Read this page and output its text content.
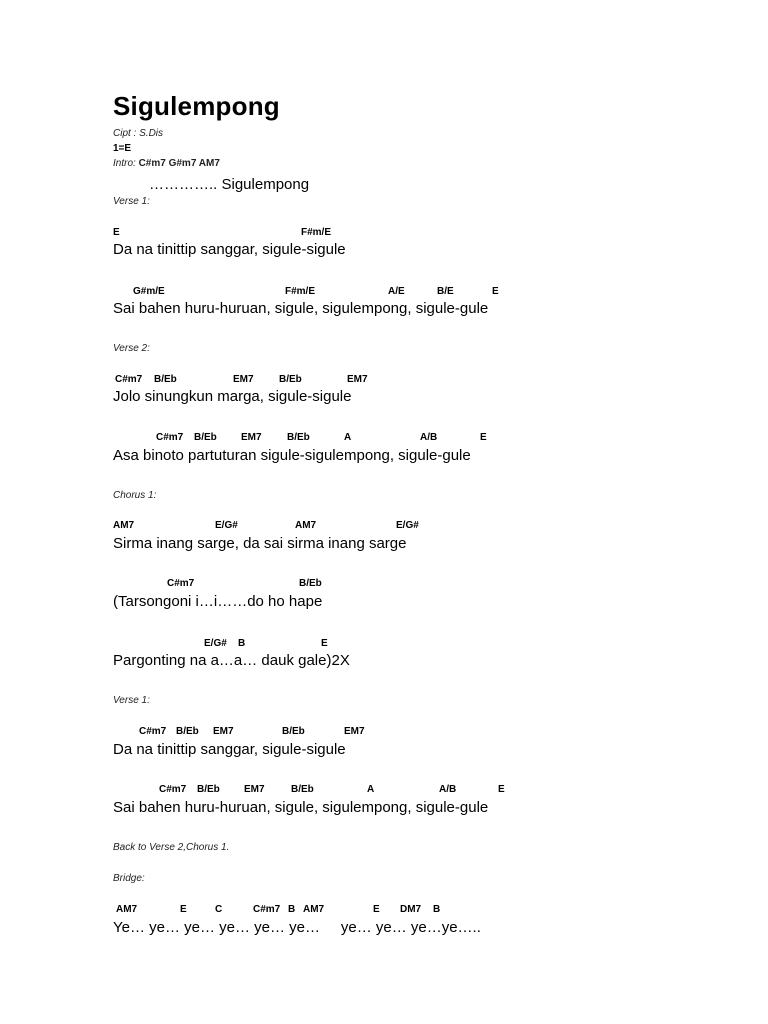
Sigulempong
Cipt : S.Dis
1=E
Intro: C#m7 G#m7 AM7
………….. Sigulempong
Verse 1:
E	F#m/E
Da na tinittip sanggar, sigule-sigule
G#m/E	F#m/E	A/E	B/E	E
Sai bahen huru-huruan, sigule, sigulempong, sigule-gule
Verse 2:
C#m7 B/Eb	EM7	B/Eb	EM7
Jolo sinungkun marga, sigule-sigule
C#m7 B/Eb EM7	B/Eb	A	A/B	E
Asa binoto partuturan sigule-sigulempong, sigule-gule
Chorus 1:
AM7	E/G#	AM7	E/G#
Sirma inang sarge, da sai sirma inang sarge
C#m7	B/Eb
(Tarsongoni i…i……do ho hape
E/G# B	E
Pargonting na a…a… dauk gale)2X
Verse 1:
C#m7 B/Eb EM7	B/Eb	EM7
Da na tinittip sanggar, sigule-sigule
C#m7 B/Eb EM7	B/Eb	A	A/B	E
Sai bahen huru-huruan, sigule, sigulempong, sigule-gule
Back to Verse 2,Chorus 1.
Bridge:
AM7	E	C	C#m7 B AM7	E DM7 B
Ye… ye… ye… ye… ye… ye…     ye… ye… ye…ye…..
